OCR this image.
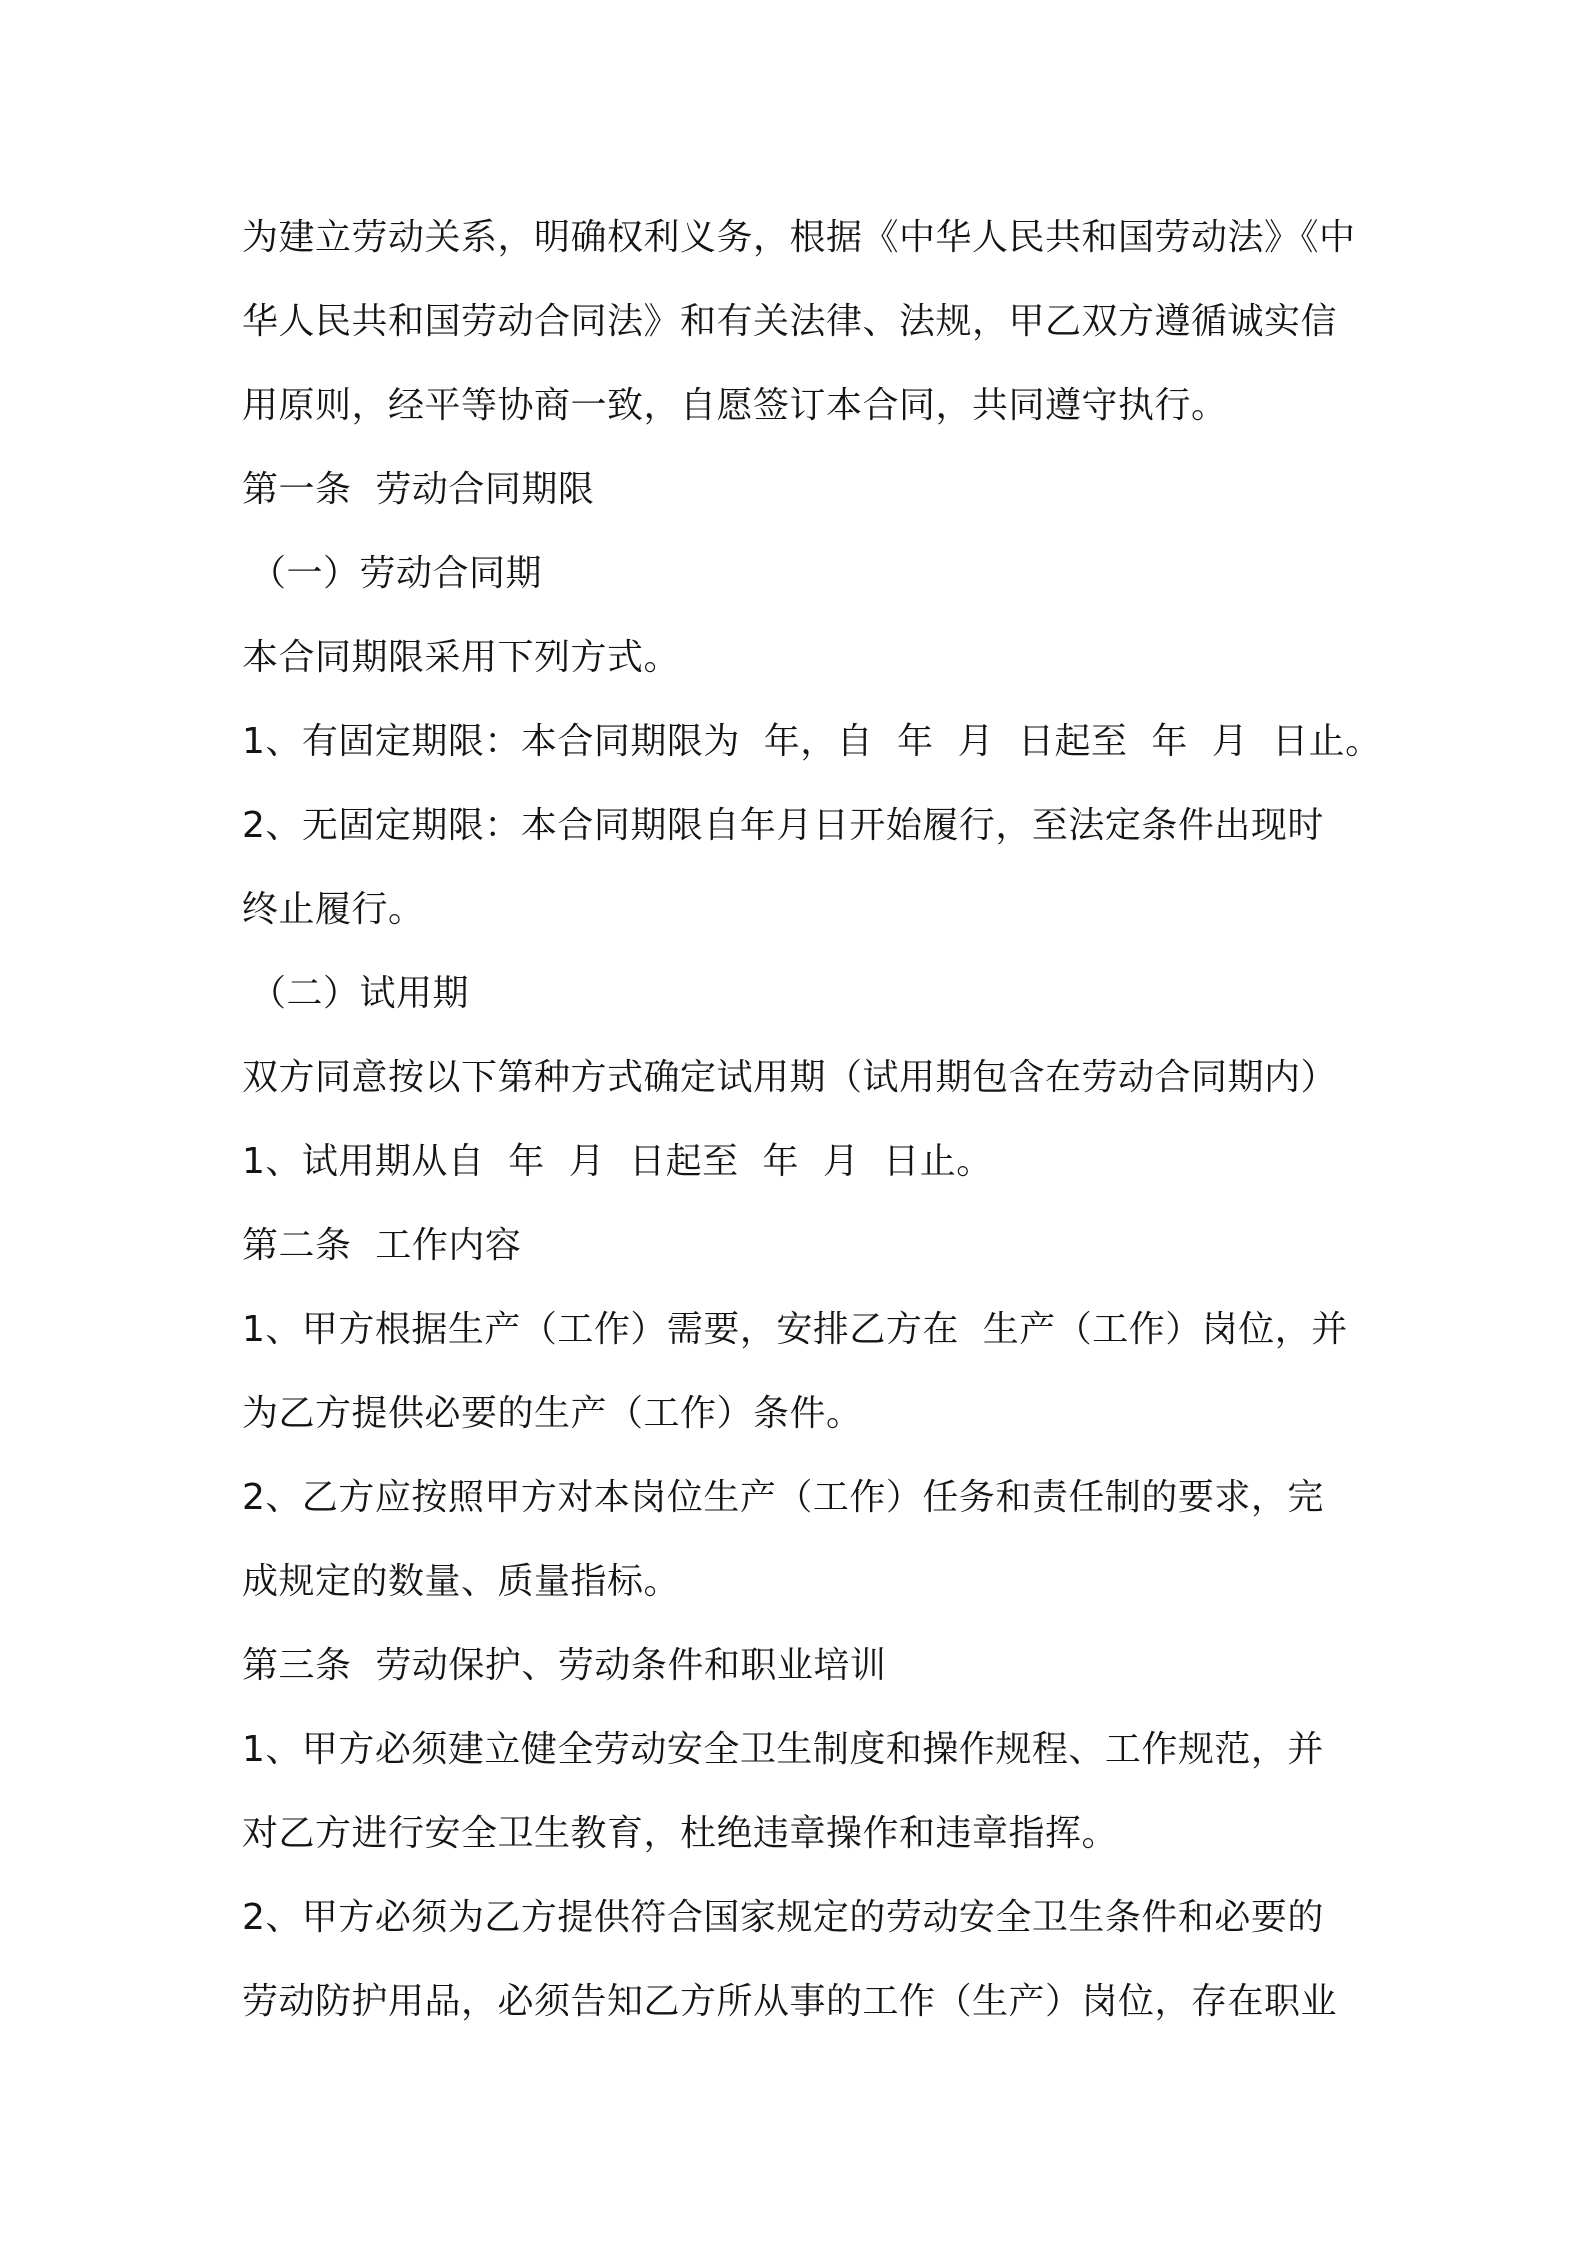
为建立劳动关系，明确权利义务，根据《中华人民共和国劳动法》《中
华人民共和国劳动合同法》和有关法律、法规，甲乙双方遵循诚实信
用原则，经平等协商一致，自愿签订本合同，共同遵守执行。
第一条  劳动合同期限
（一）劳动合同期
本合同期限采用下列方式。
1、有固定期限：本合同期限为  年，自  年  月  日起至  年  月  日止。
2、无固定期限：本合同期限自年月日开始履行，至法定条件出现时
终止履行。
（二）试用期
双方同意按以下第种方式确定试用期（试用期包含在劳动合同期内）
1、试用期从自  年  月  日起至  年  月  日止。
第二条  工作内容
1、甲方根据生产（工作）需要，安排乙方在  生产（工作）岗位，并
为乙方提供必要的生产（工作）条件。
2、乙方应按照甲方对本岗位生产（工作）任务和责任制的要求，完
成规定的数量、质量指标。
第三条  劳动保护、劳动条件和职业培训
1、甲方必须建立健全劳动安全卫生制度和操作规程、工作规范，并
对乙方进行安全卫生教育，杜绝违章操作和违章指挥。
2、甲方必须为乙方提供符合国家规定的劳动安全卫生条件和必要的
劳动防护用品，必须告知乙方所从事的工作（生产）岗位，存在职业
